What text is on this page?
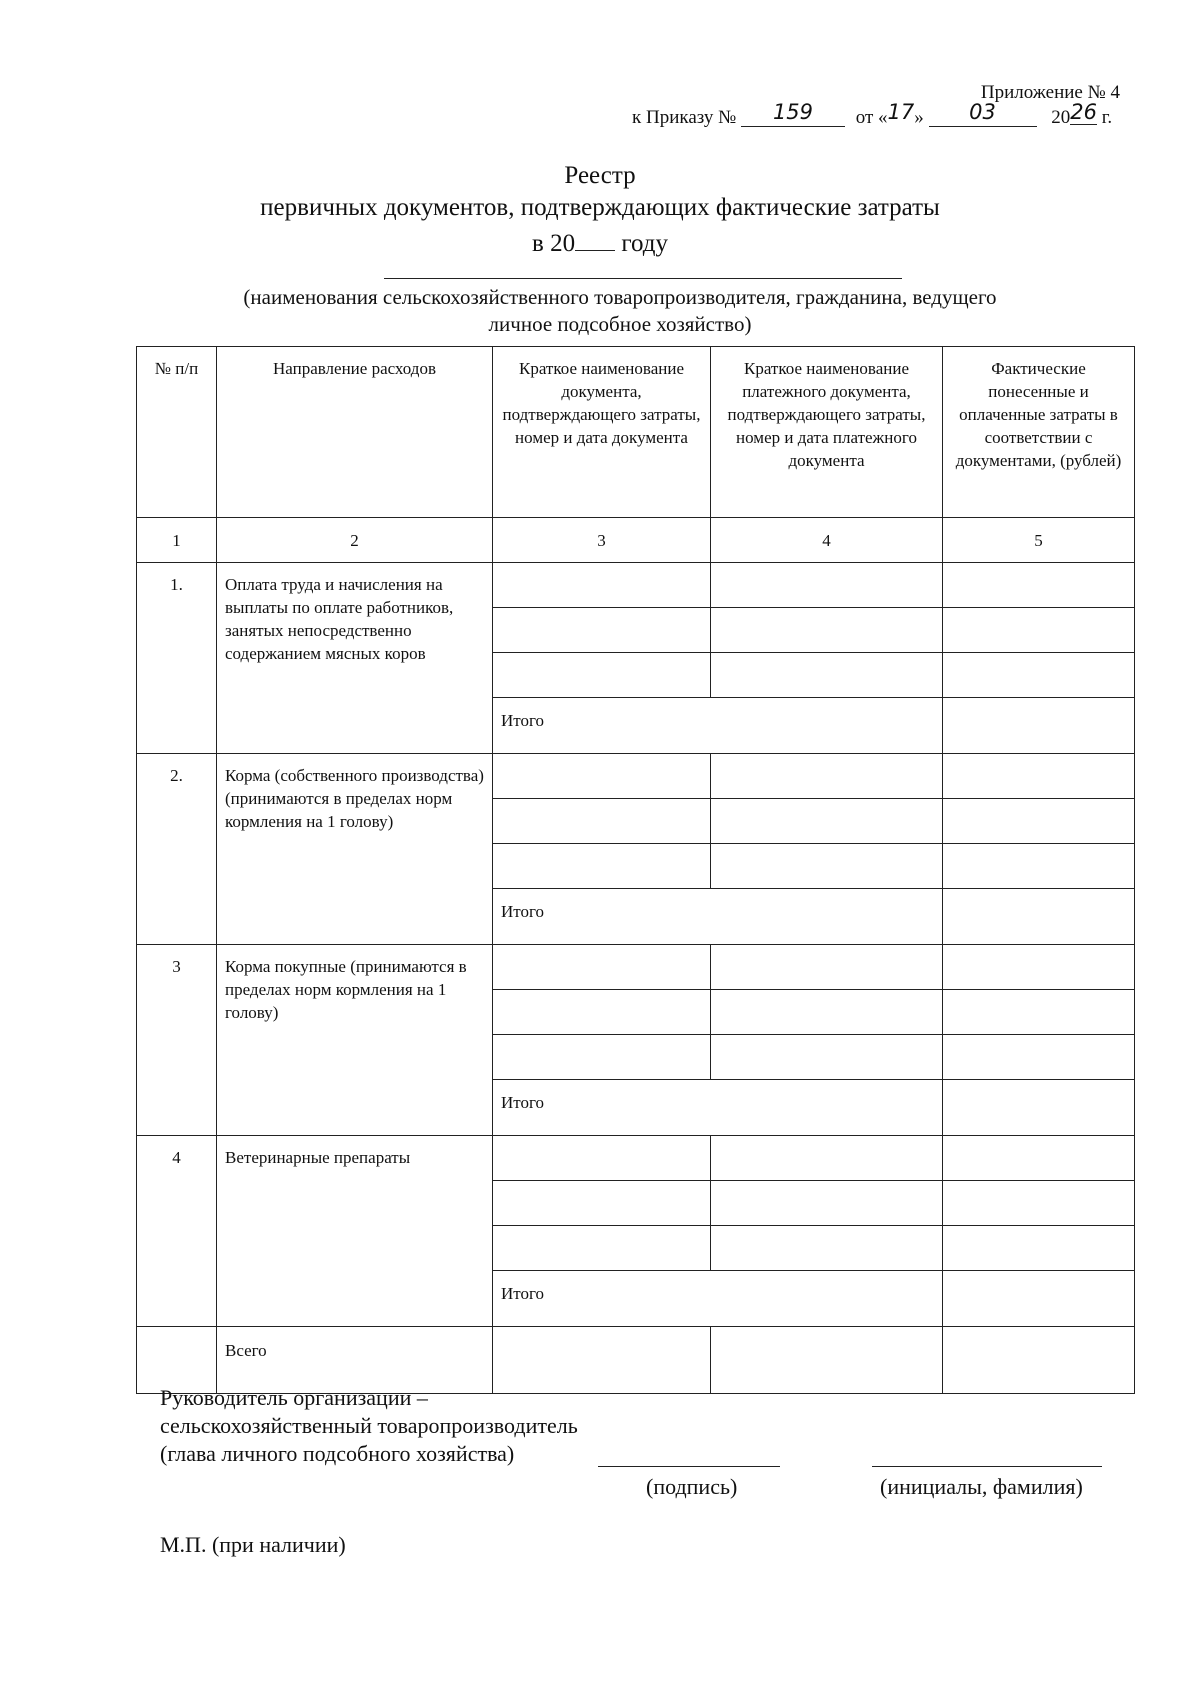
Приложение № 4
к Приказу № 159 от «17» 03	2026 г.
Реестр
первичных документов, подтверждающих фактические затраты
в 20 году
(наименования сельскохозяйственного товаропроизводителя, гражданина, ведущего
личное подсобное хозяйство)
№ п/п	Направление расходов	Краткое наименование документа, подтверждающего затраты, номер и дата документа	Краткое наименование платежного документа, подтверждающего затраты, номер и дата платежного документа	Фактические понесенные и оплаченные затраты в соответствии с документами, (рублей)
1	2	3	4	5
1.	Оплата труда и начисления на выплаты по оплате работников, занятых непосредственно содержанием мясных коров			

		Итого		
2.	Корма (собственного производства) (принимаются в пределах норм кормления на 1 голову)			

		Итого		
3	Корма покупные (принимаются в пределах норм кормления на 1 голову)			

		Итого		
4	Ветеринарные препараты			

		Итого		
	Всего			
Руководитель организации –
сельскохозяйственный товаропроизводитель
(глава личного подсобного хозяйства)
(подпись)	(инициалы, фамилия)
М.П. (при наличии)
